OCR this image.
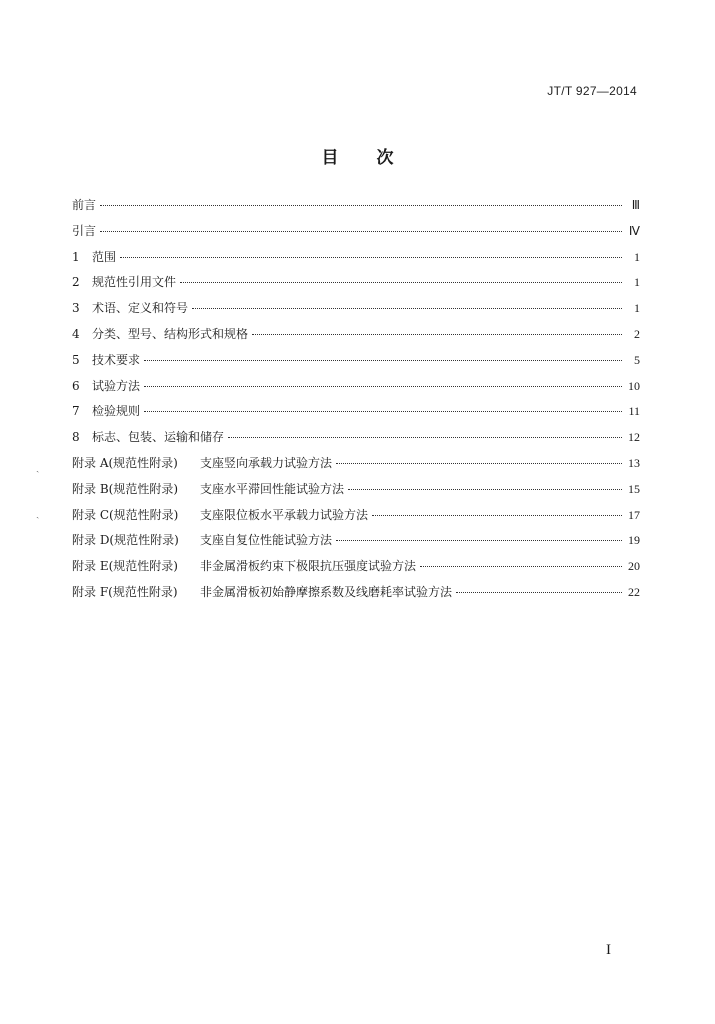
JT/T 927—2014
目次
前言	Ⅲ
引言	Ⅳ
1	范围	1
2	规范性引用文件	1
3	术语、定义和符号	1
4	分类、型号、结构形式和规格	2
5	技术要求	5
6	试验方法	10
7	检验规则	11
8	标志、包装、运输和储存	12
附录 A(规范性附录)	支座竖向承载力试验方法	13
附录 B(规范性附录)	支座水平滞回性能试验方法	15
附录 C(规范性附录)	支座限位板水平承载力试验方法	17
附录 D(规范性附录)	支座自复位性能试验方法	19
附录 E(规范性附录)	非金属滑板约束下极限抗压强度试验方法	20
附录 F(规范性附录)	非金属滑板初始静摩擦系数及线磨耗率试验方法	22
ˏ
ˏ
I
